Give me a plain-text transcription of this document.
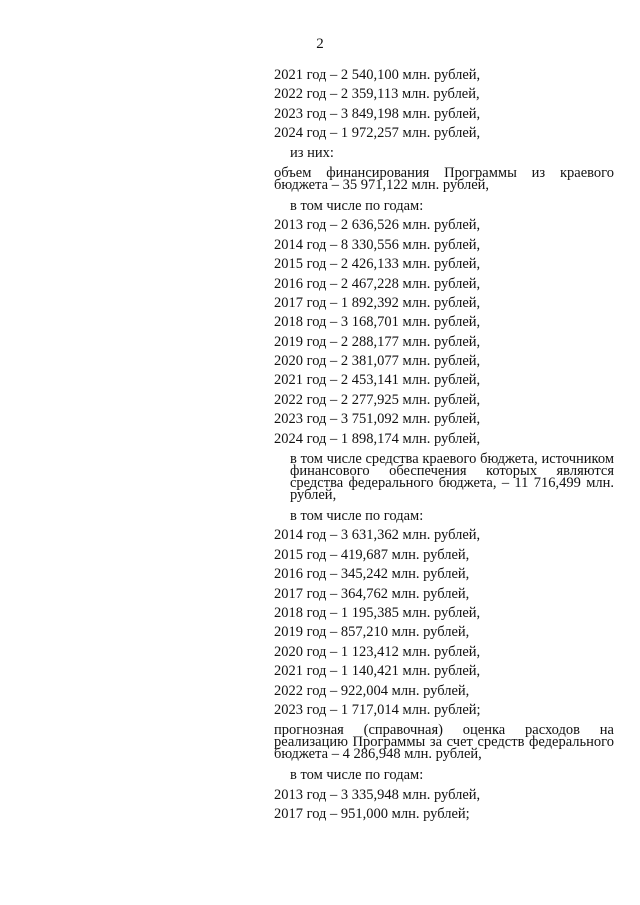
2
2021 год – 2 540,100 млн. рублей,
2022 год – 2 359,113 млн. рублей,
2023 год – 3 849,198 млн. рублей,
2024 год – 1 972,257 млн. рублей,
из них:
объем финансирования Программы из краевого бюджета – 35 971,122 млн. рублей,
в том числе по годам:
2013 год – 2 636,526 млн. рублей,
2014 год – 8 330,556 млн. рублей,
2015 год – 2 426,133 млн. рублей,
2016 год – 2 467,228 млн. рублей,
2017 год – 1 892,392 млн. рублей,
2018 год – 3 168,701 млн. рублей,
2019 год – 2 288,177 млн. рублей,
2020 год – 2 381,077 млн. рублей,
2021 год – 2 453,141 млн. рублей,
2022 год – 2 277,925 млн. рублей,
2023 год – 3 751,092 млн. рублей,
2024 год – 1 898,174 млн. рублей,
в том числе средства краевого бюджета, источником финансового обеспечения которых являются средства федерального бюджета, – 11 716,499 млн. рублей,
в том числе по годам:
2014 год – 3 631,362 млн. рублей,
2015 год – 419,687 млн. рублей,
2016 год – 345,242 млн. рублей,
2017 год – 364,762 млн. рублей,
2018 год – 1 195,385 млн. рублей,
2019 год – 857,210 млн. рублей,
2020 год – 1 123,412 млн. рублей,
2021 год – 1 140,421 млн. рублей,
2022 год – 922,004 млн. рублей,
2023 год – 1 717,014 млн. рублей;
прогнозная (справочная) оценка расходов на реализацию Программы за счет средств федерального бюджета – 4 286,948 млн. рублей,
в том числе по годам:
2013 год – 3 335,948 млн. рублей,
2017 год – 951,000 млн. рублей;
